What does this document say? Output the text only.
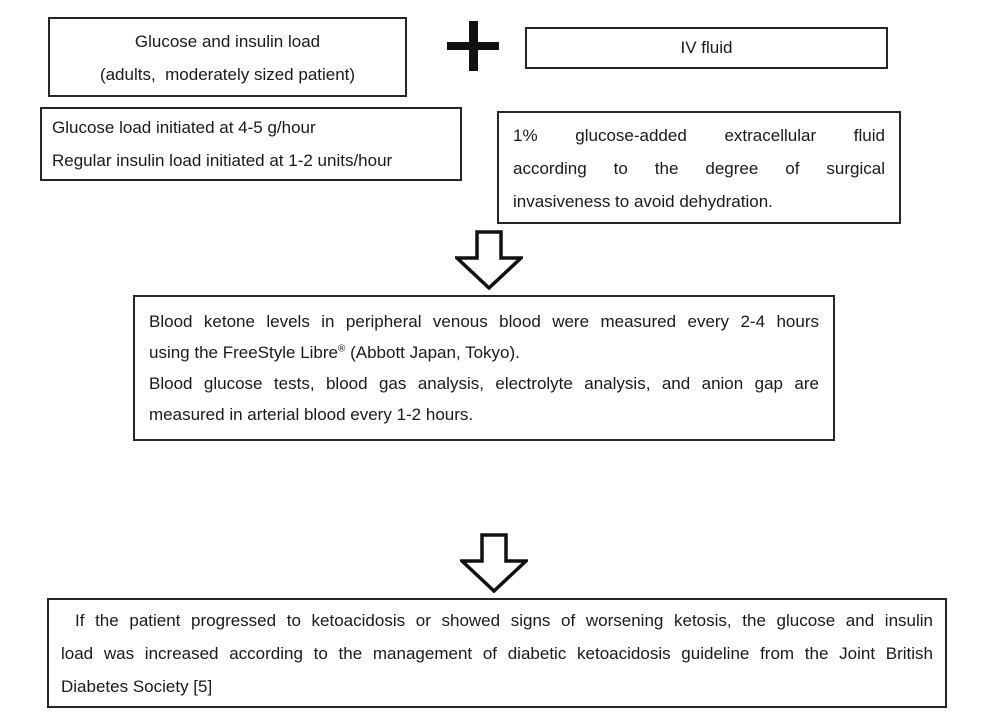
Glucose and insulin load
(adults,  moderately sized patient)
IV fluid
Glucose load initiated at 4-5 g/hour
Regular insulin load initiated at 1-2 units/hour
1% glucose-added extracellular fluid
according to the degree of surgical
invasiveness to avoid dehydration.
Blood ketone levels in peripheral venous blood were measured every 2-4 hours
using the FreeStyle Libre® (Abbott Japan, Tokyo).
Blood glucose tests, blood gas analysis, electrolyte analysis, and anion gap are
measured in arterial blood every 1-2 hours.
If the patient progressed to ketoacidosis or showed signs of worsening ketosis, the glucose and insulin
load was increased according to the management of diabetic ketoacidosis guideline from the Joint British
Diabetes Society [5]
